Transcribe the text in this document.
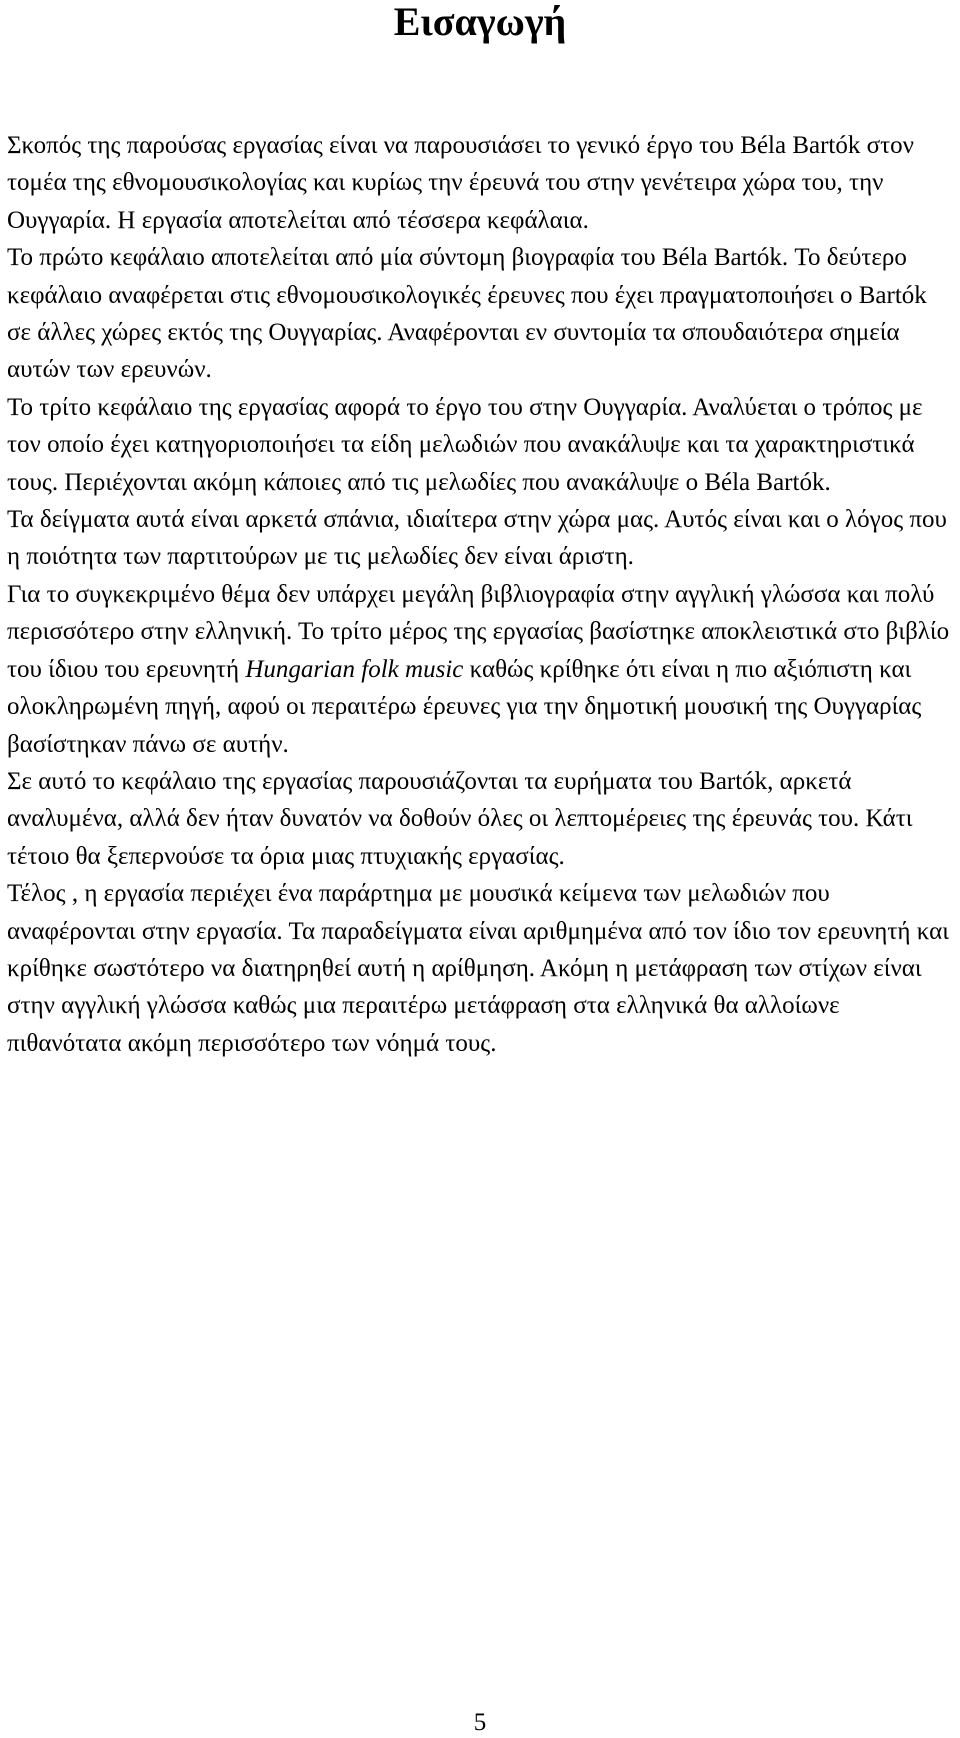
Εισαγωγή

Σκοπός της παρούσας εργασίας είναι να παρουσιάσει το γενικό έργο του Béla Bartók στον τομέα της εθνομουσικολογίας και κυρίως την έρευνά του στην γενέτειρα χώρα του, την Ουγγαρία. Η εργασία αποτελείται από τέσσερα κεφάλαια.

Το πρώτο κεφάλαιο αποτελείται από μία σύντομη βιογραφία του Béla Bartók. Το δεύτερο κεφάλαιο αναφέρεται στις εθνομουσικολογικές έρευνες που έχει πραγματοποιήσει ο Bartók σε άλλες χώρες εκτός της Ουγγαρίας. Αναφέρονται εν συντομία τα σπουδαιότερα σημεία αυτών των ερευνών.

Το τρίτο κεφάλαιο της εργασίας αφορά το έργο του στην Ουγγαρία. Αναλύεται ο τρόπος με τον οποίο έχει κατηγοριοποιήσει τα είδη μελωδιών που ανακάλυψε και τα χαρακτηριστικά τους. Περιέχονται ακόμη κάποιες από τις μελωδίες που ανακάλυψε ο Béla Bartók.

Τα δείγματα αυτά είναι αρκετά σπάνια, ιδιαίτερα στην χώρα μας. Αυτός είναι και ο λόγος που η ποιότητα των παρτιτούρων με τις μελωδίες δεν είναι άριστη.

Για το συγκεκριμένο θέμα δεν υπάρχει μεγάλη βιβλιογραφία στην αγγλική γλώσσα και πολύ περισσότερο στην ελληνική. Το τρίτο μέρος της εργασίας βασίστηκε αποκλειστικά στο βιβλίο του ίδιου του ερευνητή Hungarian folk music καθώς κρίθηκε ότι είναι η πιο αξιόπιστη και ολοκληρωμένη πηγή, αφού οι περαιτέρω έρευνες για την δημοτική μουσική της Ουγγαρίας βασίστηκαν πάνω σε αυτήν.

Σε αυτό το κεφάλαιο της εργασίας παρουσιάζονται τα ευρήματα του Bartók, αρκετά αναλυμένα, αλλά δεν ήταν δυνατόν να δοθούν όλες οι λεπτομέρειες της έρευνάς του. Κάτι τέτοιο θα ξεπερνούσε τα όρια μιας πτυχιακής εργασίας.

Τέλος , η εργασία περιέχει ένα παράρτημα με μουσικά κείμενα των μελωδιών που αναφέρονται στην εργασία. Τα παραδείγματα είναι αριθμημένα από τον ίδιο τον ερευνητή και κρίθηκε σωστότερο να διατηρηθεί αυτή η αρίθμηση. Ακόμη η μετάφραση των στίχων είναι στην αγγλική γλώσσα καθώς μια περαιτέρω μετάφραση στα ελληνικά θα αλλοίωνε πιθανότατα ακόμη περισσότερο των νόημά τους.

5
